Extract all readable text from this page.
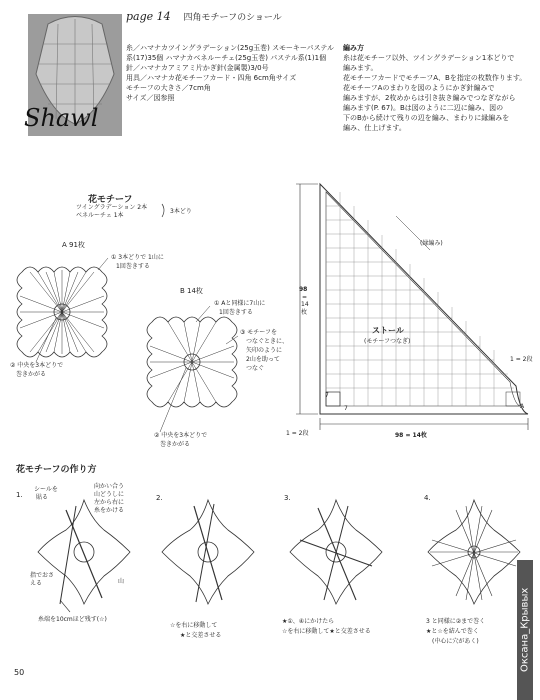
Shawl
page 14 四角モチーフのショール

糸／ハマナカツイングラデーション(25g玉巻) スモーキーパステル系(17)35個 ハマナカベネルーチェ(25g玉巻) パステル系(1)1個

針／ハマナカアミアミ片かぎ針(金属製)3/0号

用具／ハマナカ花モチーフカード・四角 6cm角サイズ

モチーフの大きさ／7cm角

サイズ／図参照

編み方

糸は花モチーフ以外、ツイングラデーション1本どりで

編みます。

花モチーフカードでモチーフA、Bを指定の枚数作ります。

花モチーフAのまわりを図のようにかぎ針編みで

編みますが、2枚めからは引き抜き編みでつなぎながら

編みます(P. 67)。Bは図のように二辺に編み、図の

下のBから続けて残りの辺を編み、まわりに縁編みを

編み、仕上げます。

花モチーフ
ツイングラデーション 2本
ベネルーチェ 1本
3本どり
A 91枚
① 3本どりで 1山に
1回巻きする
② 中央を3本どりで
巻きかがる
B 14枚
① Aと同様に7山に
1回巻きする
③ モチーフを
つなぐときに、
矢印のように
2山を助って
つなぐ
② 中央を3本どりで
巻きかがる
(縁編み)
ストール
(モチーフつなぎ)
98
=
14
枚
98 = 14枚
7
7	A
1 = 2段
1 = 2段
花モチーフの作り方
1.
シールを
貼る
向かい合う
山どうしに
左から右に
糸をかける
指でおさえる	山
糸端を10cmほど残す(☆)
2.
☆を右に移動して
★と交差させる
3.
★①、④にかけたら
☆を右に移動して★と交差させる
4.
3 と同様に②まで巻く
★と☆を結んで巻く
(中心に穴があく)
50
Оксана_Крывых
